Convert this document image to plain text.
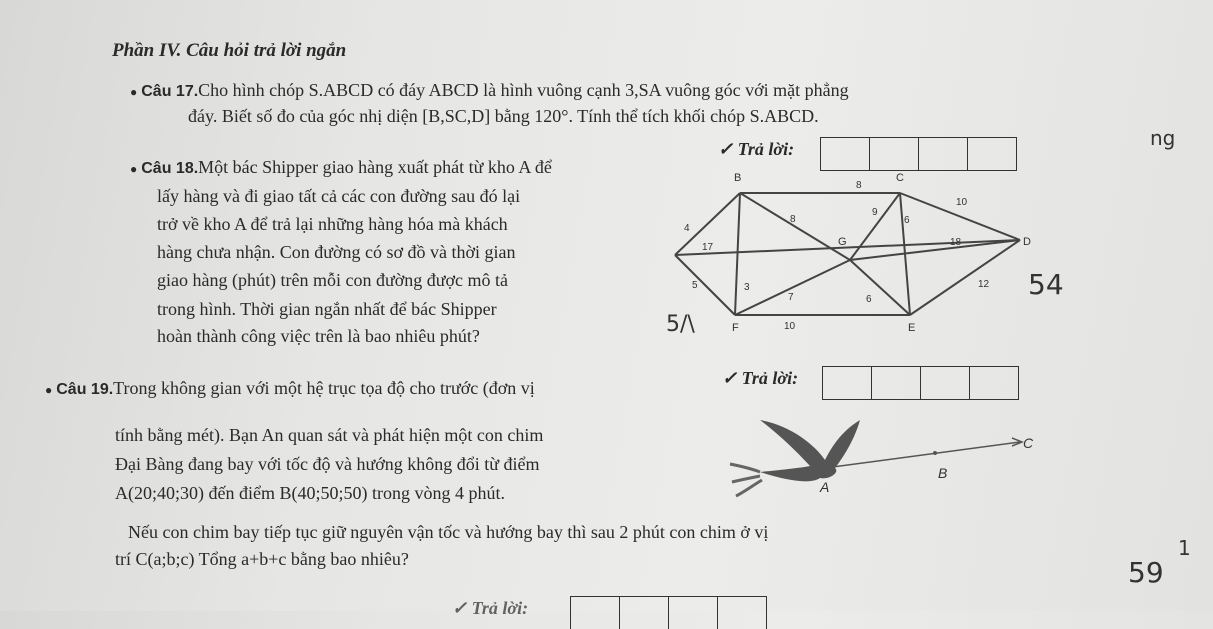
Phần IV. Câu hỏi trả lời ngắn
● Câu 17.Cho hình chóp S.ABCD có đáy ABCD là hình vuông cạnh 3,SA vuông góc với mặt phẳng
đáy. Biết số đo của góc nhị diện [B,SC,D] bằng 120°. Tính thể tích khối chóp S.ABCD.
✓ Trả lời:
● Câu 18.Một bác Shipper giao hàng xuất phát từ kho A để
lấy hàng và đi giao tất cả các con đường sau đó lại
trở về kho A để trả lại những hàng hóa mà khách
hàng chưa nhận. Con đường có sơ đồ và thời gian
giao hàng (phút) trên mỗi con đường được mô tả
trong hình. Thời gian ngắn nhất để bác Shipper
hoàn thành công việc trên là bao nhiêu phút?
B	C
G	D
F	E
8
10
8
9
6
4
17	18
5	3
7	6
12
10
✓ Trả lời:
● Câu 19.Trong không gian với một hệ trục tọa độ cho trước (đơn vị
tính bằng mét). Bạn An quan sát và phát hiện một con chim
Đại Bàng đang bay với tốc độ và hướng không đổi từ điểm
A(20;40;30) đến điểm B(40;50;50) trong vòng 4 phút.
Nếu con chim bay tiếp tục giữ nguyên vận tốc và hướng bay thì sau 2 phút con chim ở vị
trí C(a;b;c) Tổng a+b+c bằng bao nhiêu?
A
B
C
✓ Trả lời:
ng
54
5/\
59
1
